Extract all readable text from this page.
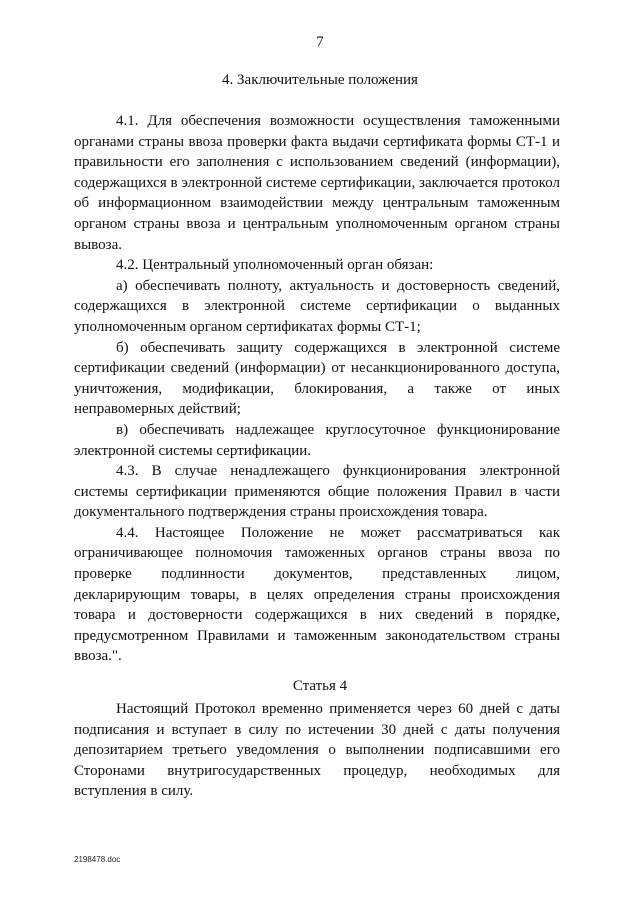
7
4. Заключительные положения

4.1. Для обеспечения возможности осуществления таможенными органами страны ввоза проверки факта выдачи сертификата формы СТ-1 и правильности его заполнения с использованием сведений (информации), содержащихся в электронной системе сертификации, заключается протокол об информационном взаимодействии между центральным таможенным органом страны ввоза и центральным уполномоченным органом страны вывоза.

4.2. Центральный уполномоченный орган обязан:

а) обеспечивать полноту, актуальность и достоверность сведений, содержащихся в электронной системе сертификации о выданных уполномоченным органом сертификатах формы СТ-1;

б) обеспечивать защиту содержащихся в электронной системе сертификации сведений (информации) от несанкционированного доступа, уничтожения, модификации, блокирования, а также от иных неправомерных действий;

в) обеспечивать надлежащее круглосуточное функционирование электронной системы сертификации.

4.3. В случае ненадлежащего функционирования электронной системы сертификации применяются общие положения Правил в части документального подтверждения страны происхождения товара.

4.4. Настоящее Положение не может рассматриваться как ограничивающее полномочия таможенных органов страны ввоза по проверке подлинности документов, представленных лицом, декларирующим товары, в целях определения страны происхождения товара и достоверности содержащихся в них сведений в порядке, предусмотренном Правилами и таможенным законодательством страны ввоза.".

Статья 4

Настоящий Протокол временно применяется через 60 дней с даты подписания и вступает в силу по истечении 30 дней с даты получения депозитарием третьего уведомления о выполнении подписавшими его Сторонами внутригосударственных процедур, необходимых для вступления в силу.

2198478.doc
